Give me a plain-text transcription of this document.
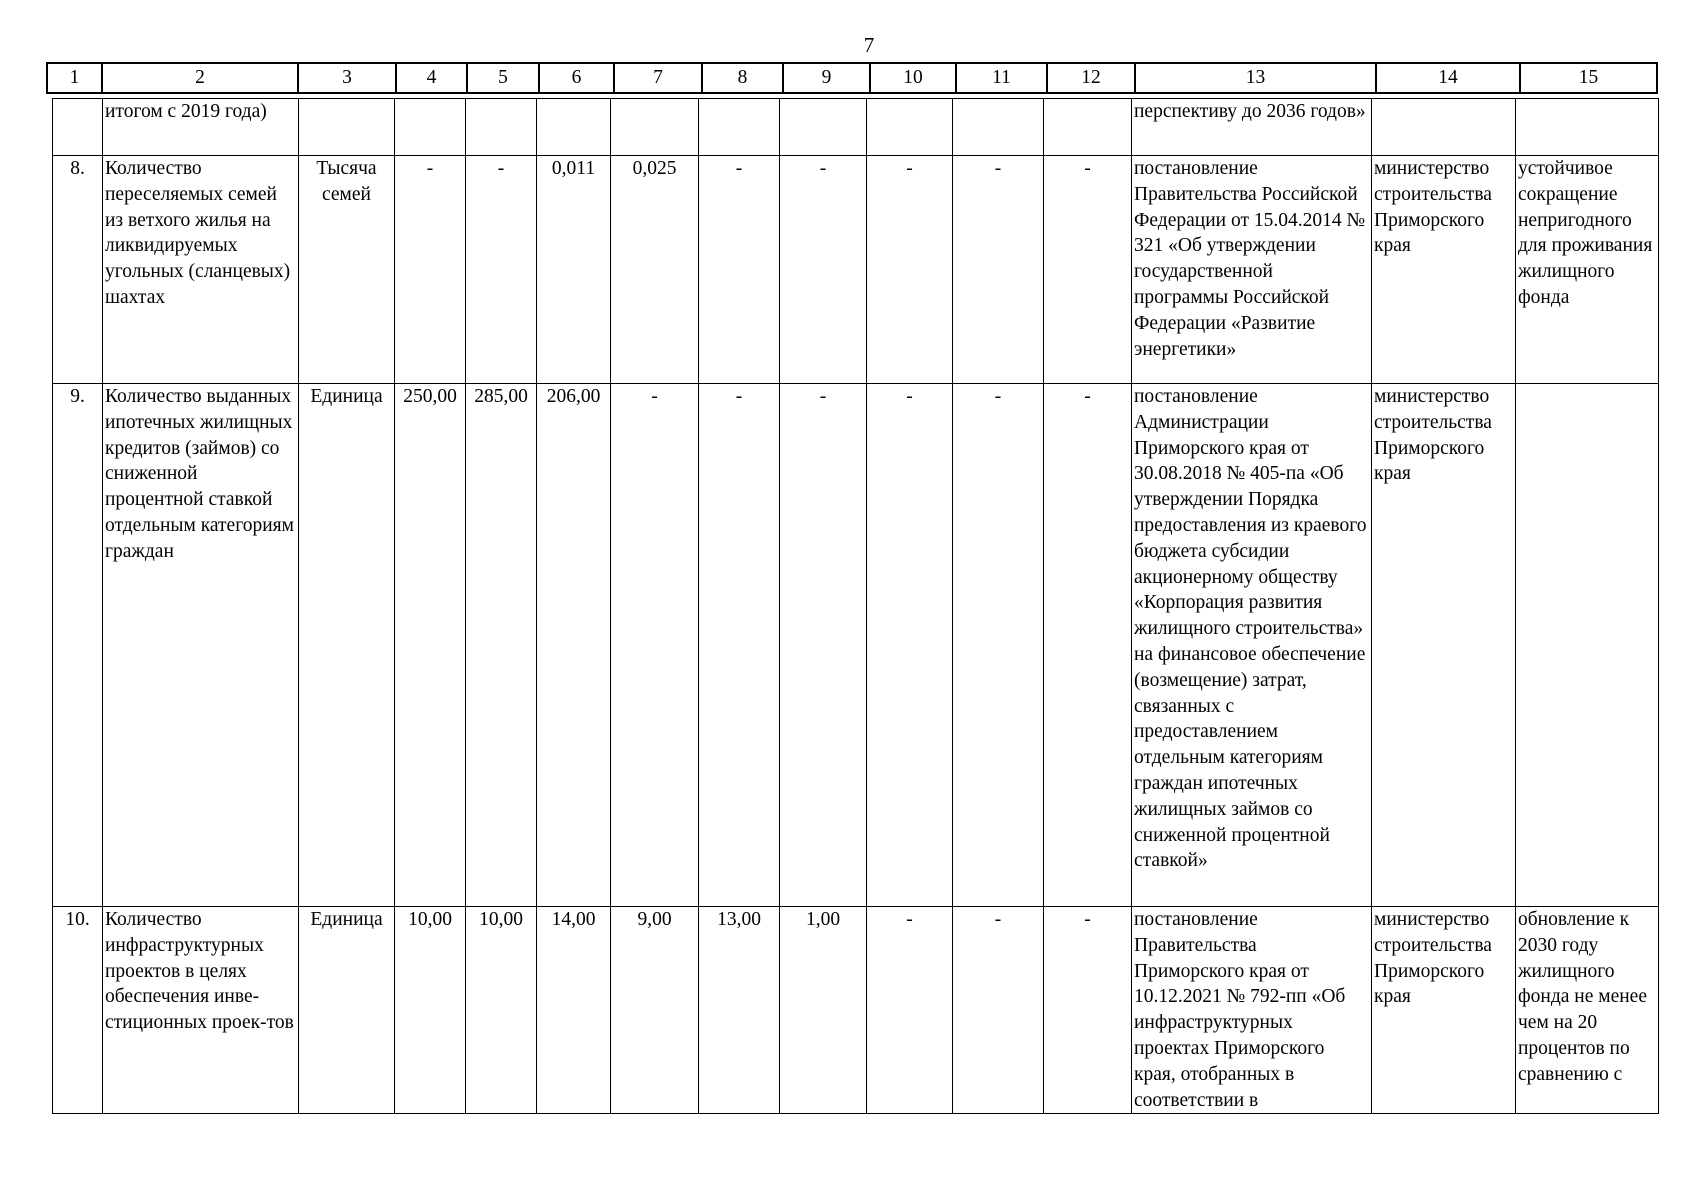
7
1	2	3	4	5	6	7	8	9	10	11	12	13	14	15
	итогом с 2019 года)											перспективу до 2036 годов»		
8.	Количество переселяемых семей из ветхого жилья на ликвидируемых угольных (сланцевых) шахтах	Тысяча семей	-	-	0,011	0,025	-	-	-	-	-	постановление Правительства Российской Федерации от 15.04.2014 № 321 «Об утверждении государственной программы Российской Федерации «Развитие энергетики»	министерство строительства Приморского края	устойчивое сокращение непригодного для проживания жилищного фонда
9.	Количество выданных ипотечных жилищных кредитов (займов) со сниженной процентной ставкой отдельным категориям граждан	Единица	250,00	285,00	206,00	-	-	-	-	-	-	постановление Администрации Приморского края от 30.08.2018 № 405-па «Об утверждении Порядка предоставления из краевого бюджета субсидии акционерному обществу «Корпорация развития жилищного строительства» на финансовое обеспечение (возмещение) затрат, связанных с предоставлением отдельным категориям граждан ипотечных жилищных займов со сниженной процентной ставкой»	министерство строительства Приморского края	
10.	Количество инфраструктурных проектов в целях обеспечения инве-стиционных проек-тов	Единица	10,00	10,00	14,00	9,00	13,00	1,00	-	-	-	постановление Правительства Приморского края от 10.12.2021 № 792-пп «Об инфраструктурных проектах Приморского края, отобранных в соответствии в	министерство строительства Приморского края	обновление к 2030 году жилищного фонда не менее чем на 20 процентов по сравнению с
